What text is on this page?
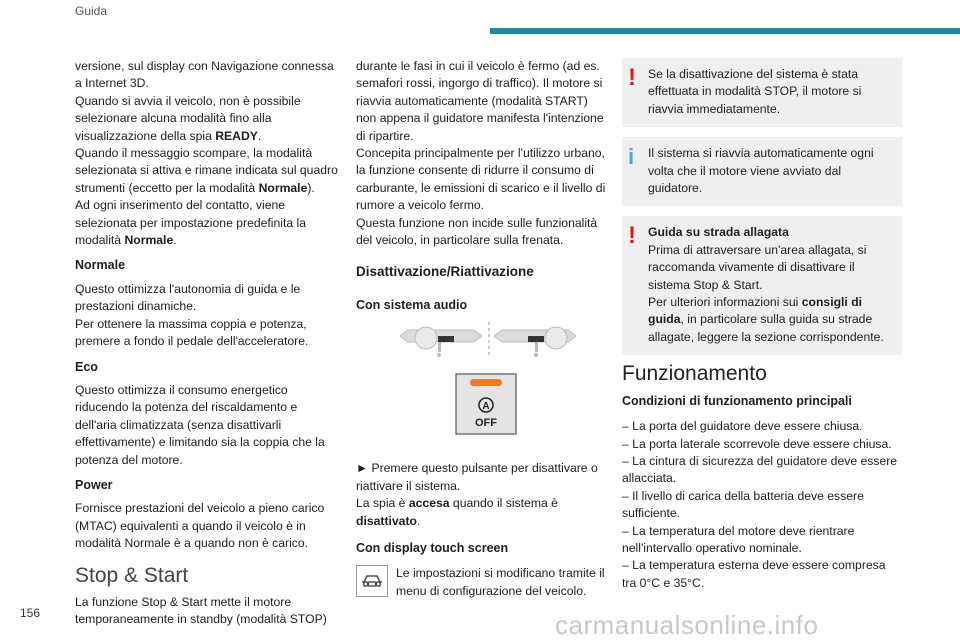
Guida

versione, sul display con Navigazione connessa a Internet 3D.

Quando si avvia il veicolo, non è possibile selezionare alcuna modalità fino alla visualizzazione della spia READY.

Quando il messaggio scompare, la modalità selezionata si attiva e rimane indicata sul quadro strumenti (eccetto per la modalità Normale).

Ad ogni inserimento del contatto, viene selezionata per impostazione predefinita la modalità Normale.

Normale

Questo ottimizza l'autonomia di guida e le prestazioni dinamiche.

Per ottenere la massima coppia e potenza, premere a fondo il pedale dell'acceleratore.

Eco

Questo ottimizza il consumo energetico riducendo la potenza del riscaldamento e dell'aria climatizzata (senza disattivarli effettivamente) e limitando sia la coppia che la potenza del motore.

Power

Fornisce prestazioni del veicolo a pieno carico (MTAC) equivalenti a quando il veicolo è in modalità Normale è a quando non è carico.

Stop & Start

La funzione Stop & Start mette il motore temporaneamente in standby (modalità STOP)

durante le fasi in cui il veicolo è fermo (ad es. semafori rossi, ingorgo di traffico). Il motore si riavvia automaticamente (modalità START) non appena il guidatore manifesta l'intenzione di ripartire.

Concepita principalmente per l'utilizzo urbano, la funzione consente di ridurre il consumo di carburante, le emissioni di scarico e il livello di rumore a veicolo fermo.

Questa funzione non incide sulle funzionalità del veicolo, in particolare sulla frenata.

Disattivazione/Riattivazione
Con sistema audio
A
OFF

► Premere questo pulsante per disattivare o riattivare il sistema.

La spia è accesa quando il sistema è disattivato.

Con display touch screen

Le impostazioni si modificano tramite il menu di configurazione del veicolo.

! Se la disattivazione del sistema è stata effettuata in modalità STOP, il motore si riavvia immediatamente.

i Il sistema si riavvia automaticamente ogni volta che il motore viene avviato dal guidatore.

! Guida su strada allagata

Prima di attraversare un'area allagata, si raccomanda vivamente di disattivare il sistema Stop & Start.

Per ulteriori informazioni sui consigli di guida, in particolare sulla guida su strade allagate, leggere la sezione corrispondente.

Funzionamento
Condizioni di funzionamento principali

– La porta del guidatore deve essere chiusa.

– La porta laterale scorrevole deve essere chiusa.

– La cintura di sicurezza del guidatore deve essere allacciata.

– Il livello di carica della batteria deve essere sufficiente.

– La temperatura del motore deve rientrare nell'intervallo operativo nominale.

– La temperatura esterna deve essere compresa tra 0°C e 35°C.

156	carmanualsonline.info
